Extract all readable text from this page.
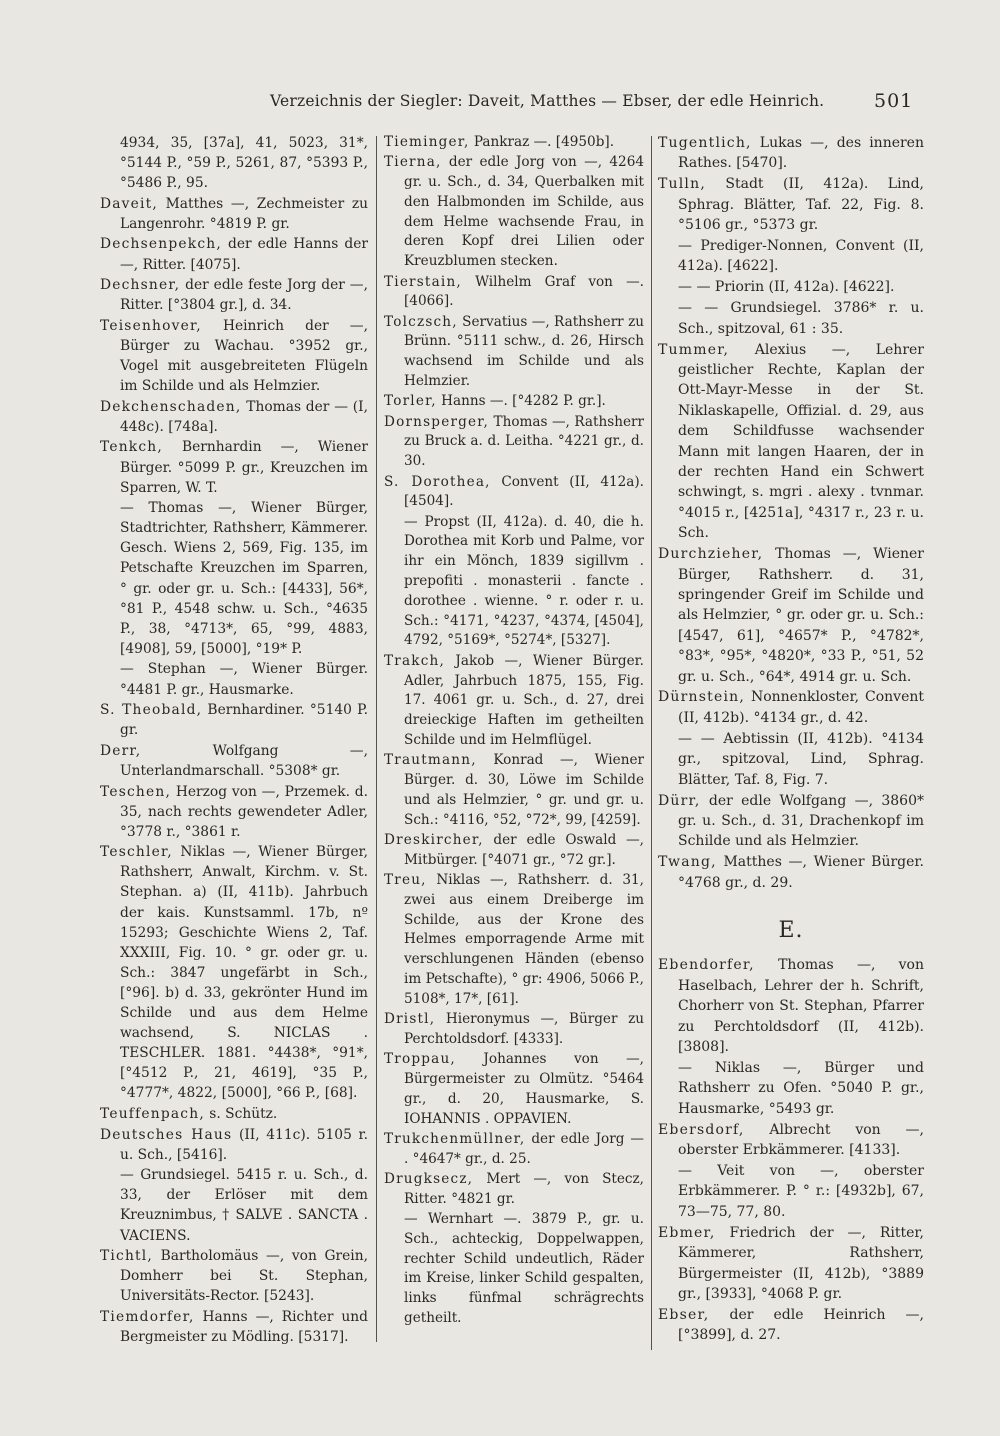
Verzeichnis der Siegler: Daveit, Matthes — Ebser, der edle Heinrich.	501

4934, 35, [37a], 41, 5023, 31*, °5144 P., °59 P., 5261, 87, °5393 P., °5486 P., 95.

Daveit, Matthes —, Zechmeister zu Langenrohr. °4819 P. gr.

Dechsenpekch, der edle Hanns der —, Ritter. [4075].

Dechsner, der edle feste Jorg der —, Ritter. [°3804 gr.], d. 34.

Teisenhover, Heinrich der —, Bürger zu Wachau. °3952 gr., Vogel mit ausgebreiteten Flügeln im Schilde und als Helmzier.

Dekchenschaden, Thomas der — (I, 448c). [748a].

Tenkch, Bernhardin —, Wiener Bürger. °5099 P. gr., Kreuzchen im Sparren, W. T.

— Thomas —, Wiener Bürger, Stadtrichter, Rathsherr, Kämmerer. Gesch. Wiens 2, 569, Fig. 135, im Petschafte Kreuzchen im Sparren, ° gr. oder gr. u. Sch.: [4433], 56*, °81 P., 4548 schw. u. Sch., °4635 P., 38, °4713*, 65, °99, 4883, [4908], 59, [5000], °19* P.

— Stephan —, Wiener Bürger. °4481 P. gr., Hausmarke.

S. Theobald, Bernhardiner. °5140 P. gr.

Derr, Wolfgang —, Unterlandmarschall. °5308* gr.

Teschen, Herzog von —, Przemek. d. 35, nach rechts gewendeter Adler, °3778 r., °3861 r.

Teschler, Niklas —, Wiener Bürger, Rathsherr, Anwalt, Kirchm. v. St. Stephan. a) (II, 411b). Jahrbuch der kais. Kunstsamml. 17b, nº 15293; Geschichte Wiens 2, Taf. XXXIII, Fig. 10. ° gr. oder gr. u. Sch.: 3847 ungefärbt in Sch., [°96]. b) d. 33, gekrönter Hund im Schilde und aus dem Helme wachsend, S. NICLAS . TESCHLER. 1881. °4438*, °91*, [°4512 P., 21, 4619], °35 P., °4777*, 4822, [5000], °66 P., [68].

Teuffenpach, s. Schütz.

Deutsches Haus (II, 411c). 5105 r. u. Sch., [5416].

— Grundsiegel. 5415 r. u. Sch., d. 33, der Erlöser mit dem Kreuznimbus, † SALVE . SANCTA . VACIENS.

Tichtl, Bartholomäus —, von Grein, Domherr bei St. Stephan, Universitäts-Rector. [5243].

Tiemdorfer, Hanns —, Richter und Bergmeister zu Mödling. [5317].

Tieminger, Pankraz —. [4950b].

Tierna, der edle Jorg von —, 4264 gr. u. Sch., d. 34, Querbalken mit den Halbmonden im Schilde, aus dem Helme wachsende Frau, in deren Kopf drei Lilien oder Kreuzblumen stecken.

Tierstain, Wilhelm Graf von —. [4066].

Tolczsch, Servatius —, Rathsherr zu Brünn. °5111 schw., d. 26, Hirsch wachsend im Schilde und als Helmzier.

Torler, Hanns —. [°4282 P. gr.].

Dornsperger, Thomas —, Rathsherr zu Bruck a. d. Leitha. °4221 gr., d. 30.

S. Dorothea, Convent (II, 412a). [4504].

— Propst (II, 412a). d. 40, die h. Dorothea mit Korb und Palme, vor ihr ein Mönch, 1839 sigillvm . prepofiti . monasterii . fancte . dorothee . wienne. ° r. oder r. u. Sch.: °4171, °4237, °4374, [4504], 4792, °5169*, °5274*, [5327].

Trakch, Jakob —, Wiener Bürger. Adler, Jahrbuch 1875, 155, Fig. 17. 4061 gr. u. Sch., d. 27, drei dreieckige Haften im getheilten Schilde und im Helmflügel.

Trautmann, Konrad —, Wiener Bürger. d. 30, Löwe im Schilde und als Helmzier, ° gr. und gr. u. Sch.: °4116, °52, °72*, 99, [4259].

Dreskircher, der edle Oswald —, Mitbürger. [°4071 gr., °72 gr.].

Treu, Niklas —, Rathsherr. d. 31, zwei aus einem Dreiberge im Schilde, aus der Krone des Helmes emporragende Arme mit verschlungenen Händen (ebenso im Petschafte), ° gr: 4906, 5066 P., 5108*, 17*, [61].

Dristl, Hieronymus —, Bürger zu Perchtoldsdorf. [4333].

Troppau, Johannes von —, Bürgermeister zu Olmütz. °5464 gr., d. 20, Hausmarke, S. IOHANNIS . OPPAVIEN.

Trukchenmüllner, der edle Jorg — . °4647* gr., d. 25.

Drugksecz, Mert —, von Stecz, Ritter. °4821 gr.

— Wernhart —. 3879 P., gr. u. Sch., achteckig, Doppelwappen, rechter Schild undeutlich, Räder im Kreise, linker Schild gespalten, links fünfmal schrägrechts getheilt.

Tugentlich, Lukas —, des inneren Rathes. [5470].

Tulln, Stadt (II, 412a). Lind, Sphrag. Blätter, Taf. 22, Fig. 8. °5106 gr., °5373 gr.

— Prediger-Nonnen, Convent (II, 412a). [4622].

— — Priorin (II, 412a). [4622].

— — Grundsiegel. 3786* r. u. Sch., spitzoval, 61 : 35.

Tummer, Alexius —, Lehrer geistlicher Rechte, Kaplan der Ott-Mayr-Messe in der St. Niklaskapelle, Offizial. d. 29, aus dem Schildfusse wachsender Mann mit langen Haaren, der in der rechten Hand ein Schwert schwingt, s. mgri . alexy . tvnmar. °4015 r., [4251a], °4317 r., 23 r. u. Sch.

Durchzieher, Thomas —, Wiener Bürger, Rathsherr. d. 31, springender Greif im Schilde und als Helmzier, ° gr. oder gr. u. Sch.: [4547, 61], °4657* P., °4782*, °83*, °95*, °4820*, °33 P., °51, 52 gr. u. Sch., °64*, 4914 gr. u. Sch.

Dürnstein, Nonnenkloster, Convent (II, 412b). °4134 gr., d. 42.

— — Aebtissin (II, 412b). °4134 gr., spitzoval, Lind, Sphrag. Blätter, Taf. 8, Fig. 7.

Dürr, der edle Wolfgang —, 3860* gr. u. Sch., d. 31, Drachenkopf im Schilde und als Helmzier.

Twang, Matthes —, Wiener Bürger. °4768 gr., d. 29.

E.

Ebendorfer, Thomas —, von Haselbach, Lehrer der h. Schrift, Chorherr von St. Stephan, Pfarrer zu Perchtoldsdorf (II, 412b). [3808].

— Niklas —, Bürger und Rathsherr zu Ofen. °5040 P. gr., Hausmarke, °5493 gr.

Ebersdorf, Albrecht von —, oberster Erbkämmerer. [4133].

— Veit von —, oberster Erbkämmerer. P. ° r.: [4932b], 67, 73—75, 77, 80.

Ebmer, Friedrich der —, Ritter, Kämmerer, Rathsherr, Bürgermeister (II, 412b), °3889 gr., [3933], °4068 P. gr.

Ebser, der edle Heinrich —, [°3899], d. 27.
